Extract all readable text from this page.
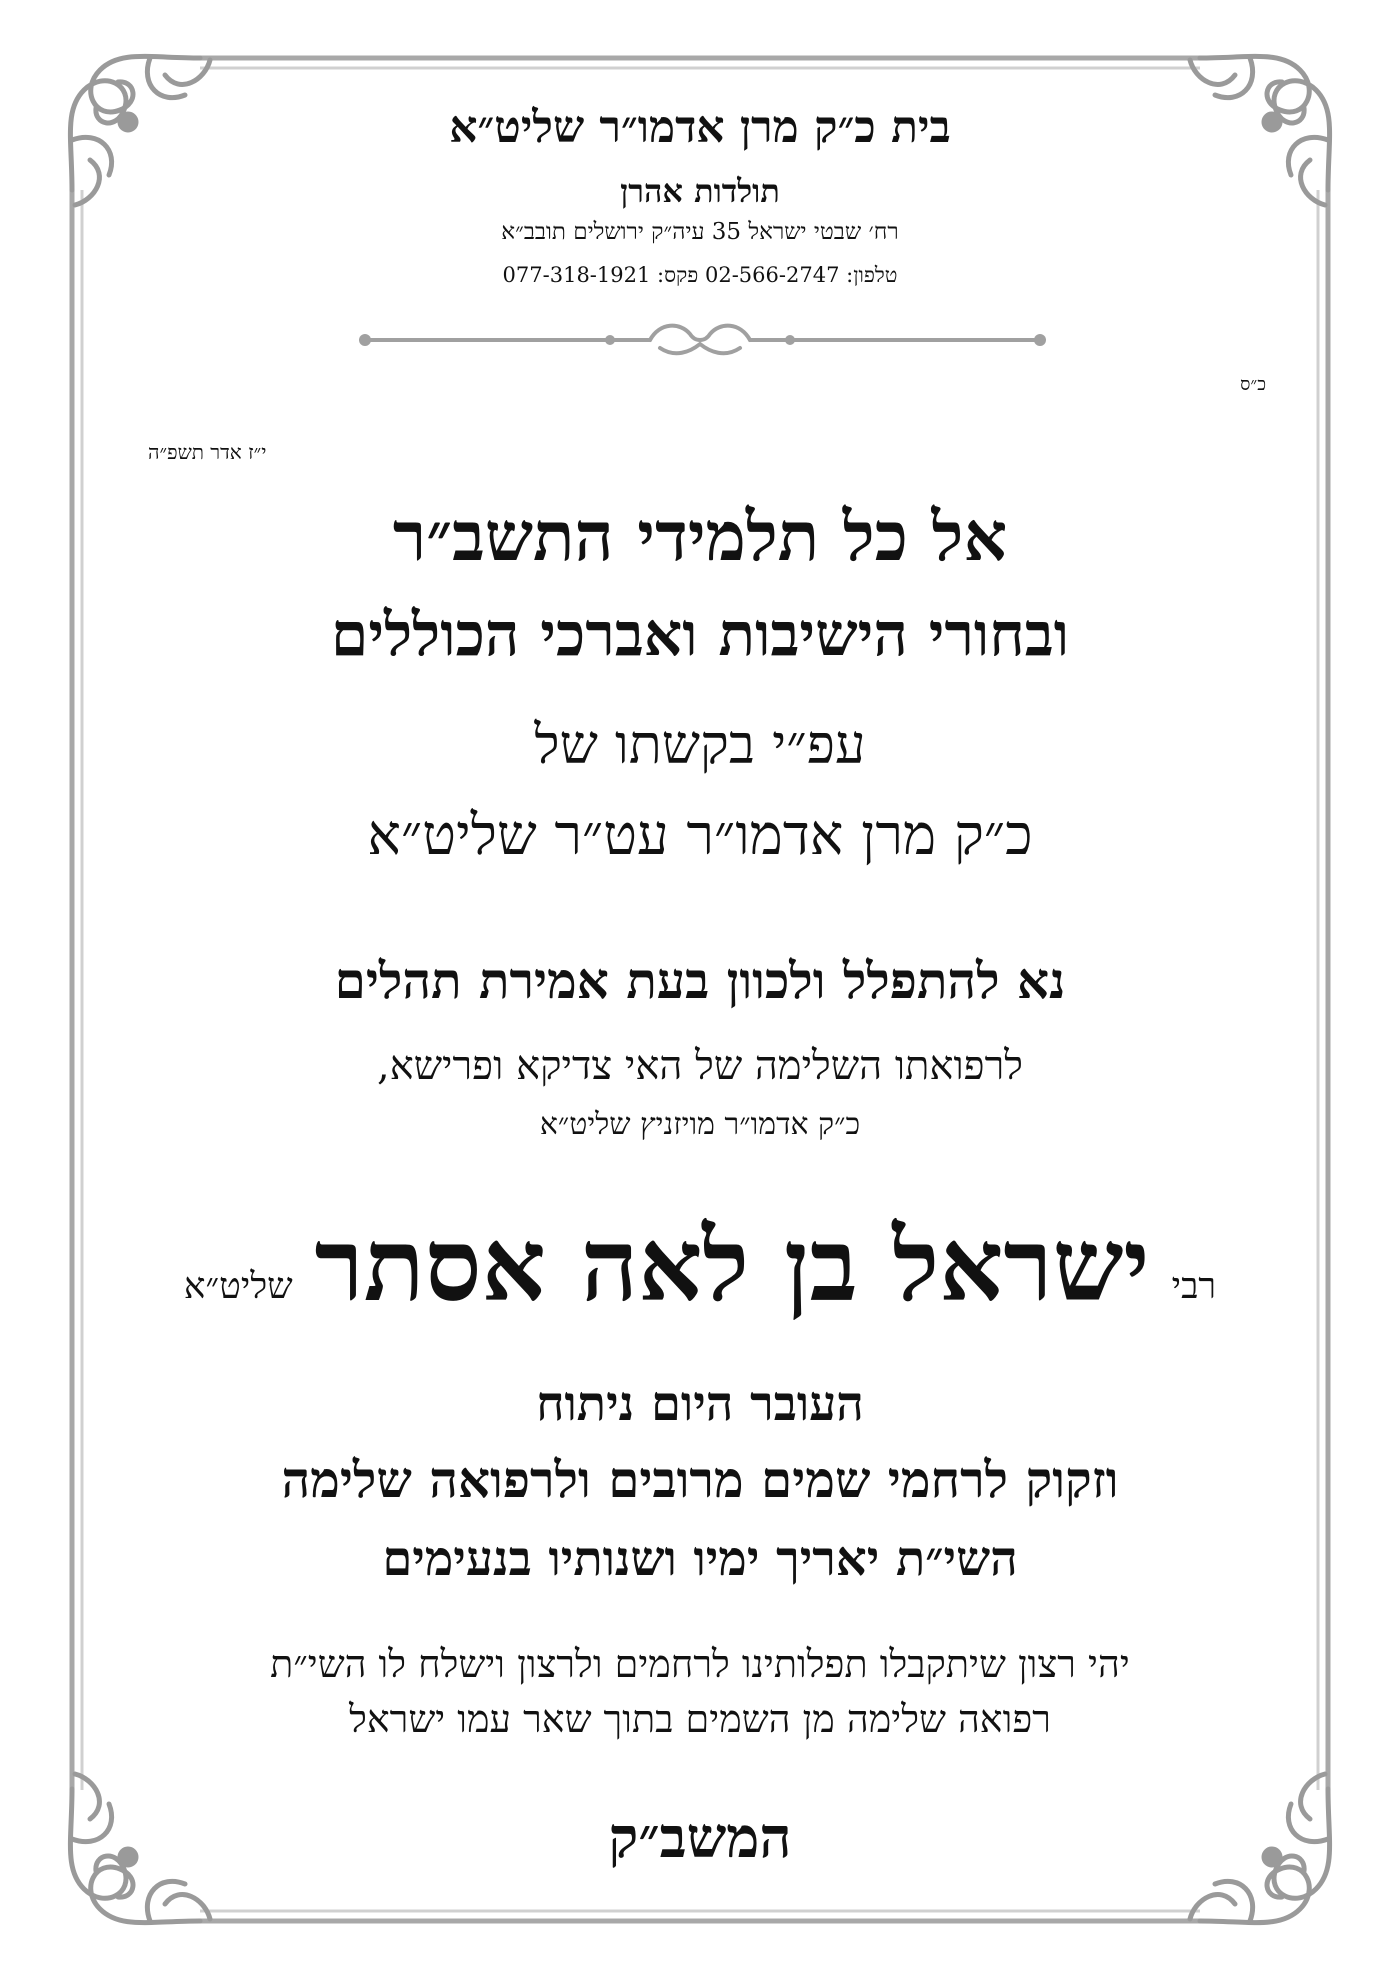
בית כ״ק מרן אדמו״ר שליט״א
תולדות אהרן
רח׳ שבטי ישראל 35 עיה״ק ירושלים תובב״א
טלפון: 02-566-2747 פקס: 077-318-1921
כ״ס
י״ז אדר תשפ״ה
אל כל תלמידי התשב״ר
ובחורי הישיבות ואברכי הכוללים
עפ״י בקשתו של
כ״ק מרן אדמו״ר עט״ר שליט״א
נא להתפלל ולכוון בעת אמירת תהלים
לרפואתו השלימה של האי צדיקא ופרישא,
כ״ק אדמו״ר מויזניץ שליט״א
רבי
ישראל בן לאה אסתר
שליט״א
העובר היום ניתוח
וזקוק לרחמי שמים מרובים ולרפואה שלימה
השי״ת יאריך ימיו ושנותיו בנעימים
יהי רצון שיתקבלו תפלותינו לרחמים ולרצון וישלח לו השי״ת
רפואה שלימה מן השמים בתוך שאר עמו ישראל
המשב״ק
